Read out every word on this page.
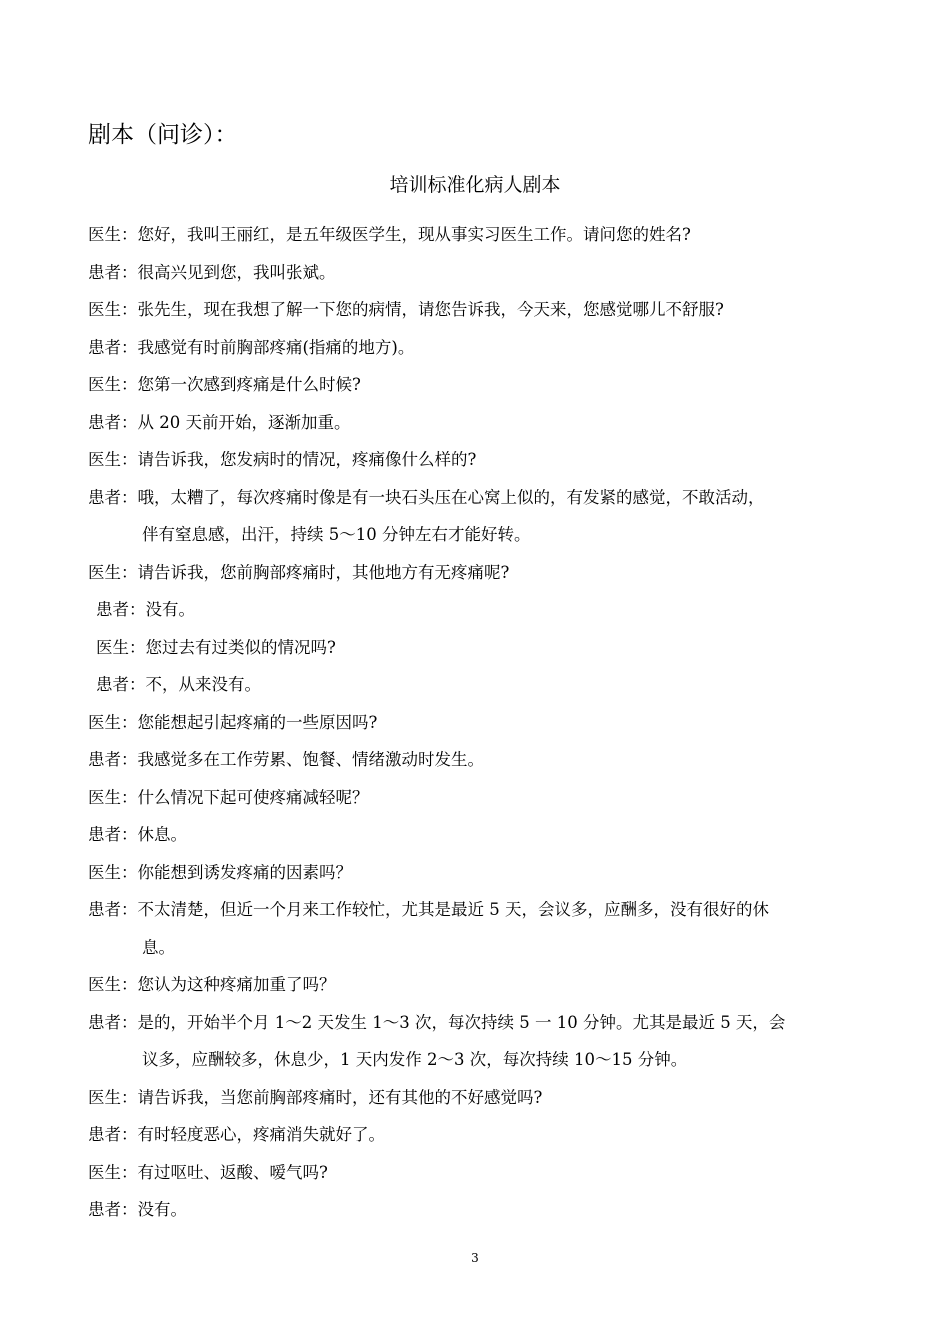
剧本（问诊）：
培训标准化病人剧本
医生：您好，我叫王丽红，是五年级医学生，现从事实习医生工作。请问您的姓名?
患者：很高兴见到您，我叫张斌。
医生：张先生，现在我想了解一下您的病情，请您告诉我，今天来，您感觉哪儿不舒服?
患者：我感觉有时前胸部疼痛(指痛的地方)。
医生：您第一次感到疼痛是什么时候?
患者：从 20 天前开始，逐渐加重。
医生：请告诉我，您发病时的情况，疼痛像什么样的?
患者：哦，太糟了，每次疼痛时像是有一块石头压在心窝上似的，有发紧的感觉，不敢活动，
伴有窒息感，出汗，持续 5～10 分钟左右才能好转。
医生：请告诉我，您前胸部疼痛时，其他地方有无疼痛呢?
患者：没有。
医生：您过去有过类似的情况吗?
患者：不，从来没有。
医生：您能想起引起疼痛的一些原因吗?
患者：我感觉多在工作劳累、饱餐、情绪激动时发生。
医生：什么情况下起可使疼痛减轻呢？
患者：休息。
医生：你能想到诱发疼痛的因素吗？
患者：不太清楚，但近一个月来工作较忙，尤其是最近 5 天，会议多，应酬多，没有很好的休
息。
医生：您认为这种疼痛加重了吗？
患者：是的，开始半个月 1～2 天发生 1～3 次，每次持续 5 一 10 分钟。尤其是最近 5 天，会
议多，应酬较多，休息少，1 天内发作 2～3 次，每次持续 10～15 分钟。
医生：请告诉我，当您前胸部疼痛时，还有其他的不好感觉吗?
患者：有时轻度恶心，疼痛消失就好了。
医生：有过呕吐、返酸、嗳气吗?
患者：没有。
3
